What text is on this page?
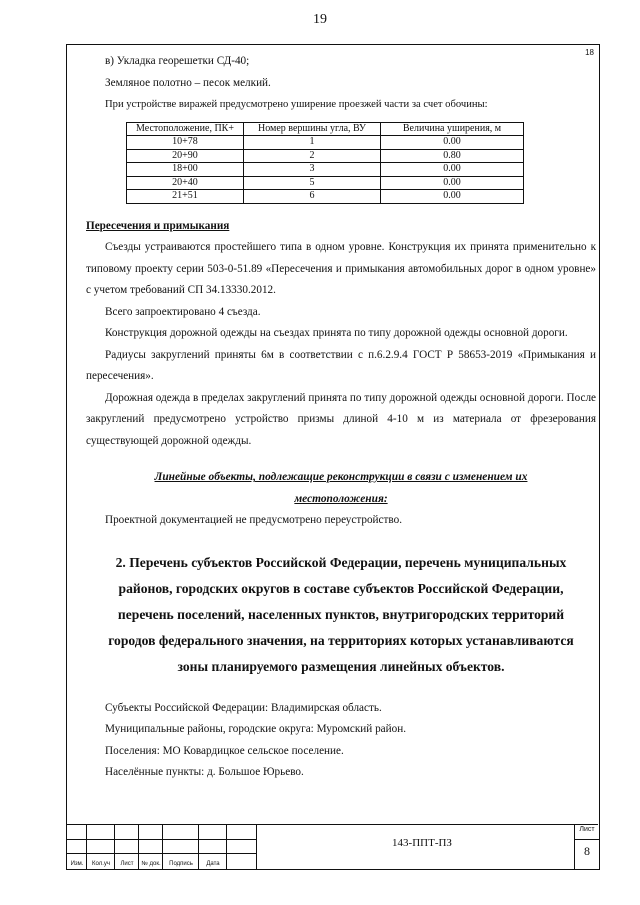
19
18

в) Укладка георешетки СД-40;

Земляное полотно – песок мелкий.

При устройстве виражей предусмотрено уширение проезжей части за счет обочины:

Местоположение, ПК+	Номер вершины угла, ВУ	Величина уширения, м
10+78	1	0.00
20+90	2	0.80
18+00	3	0.00
20+40	5	0.00
21+51	6	0.00

Пересечения и примыкания

Съезды устраиваются простейшего типа в одном уровне. Конструкция их принята применительно к типовому проекту серии 503-0-51.89 «Пересечения и примыкания автомобильных дорог в одном уровне» с учетом требований СП 34.13330.2012.

Всего запроектировано 4 съезда.

Конструкция дорожной одежды на съездах принята по типу дорожной одежды основной дороги.

Радиусы закруглений приняты 6м в соответствии с п.6.2.9.4 ГОСТ Р 58653-2019 «Примыкания и пересечения».

Дорожная одежда в пределах закруглений принята по типу дорожной одежды основной дороги. После закруглений предусмотрено устройство призмы длиной 4-10 м из материала от фрезерования существующей дорожной одежды.

Линейные объекты, подлежащие реконструкции в связи с изменением их

местоположения:

Проектной документацией не предусмотрено переустройство.

2. Перечень субъектов Российской Федерации, перечень муниципальных
районов, городских округов в составе субъектов Российской Федерации,
перечень поселений, населенных пунктов, внутригородских территорий
городов федерального значения, на территориях которых устанавливаются
зоны планируемого размещения линейных объектов.

Субъекты Российской Федерации: Владимирская область.

Муниципальные районы, городские округа: Муромский район.

Поселения: МО Ковардицкое сельское поселение.

Населённые пункты: д. Большое Юрьево.

Изм.	Кол.уч	Лист	№ док.	Подпись	Дата
143-ППТ-ПЗ
Лист
8
